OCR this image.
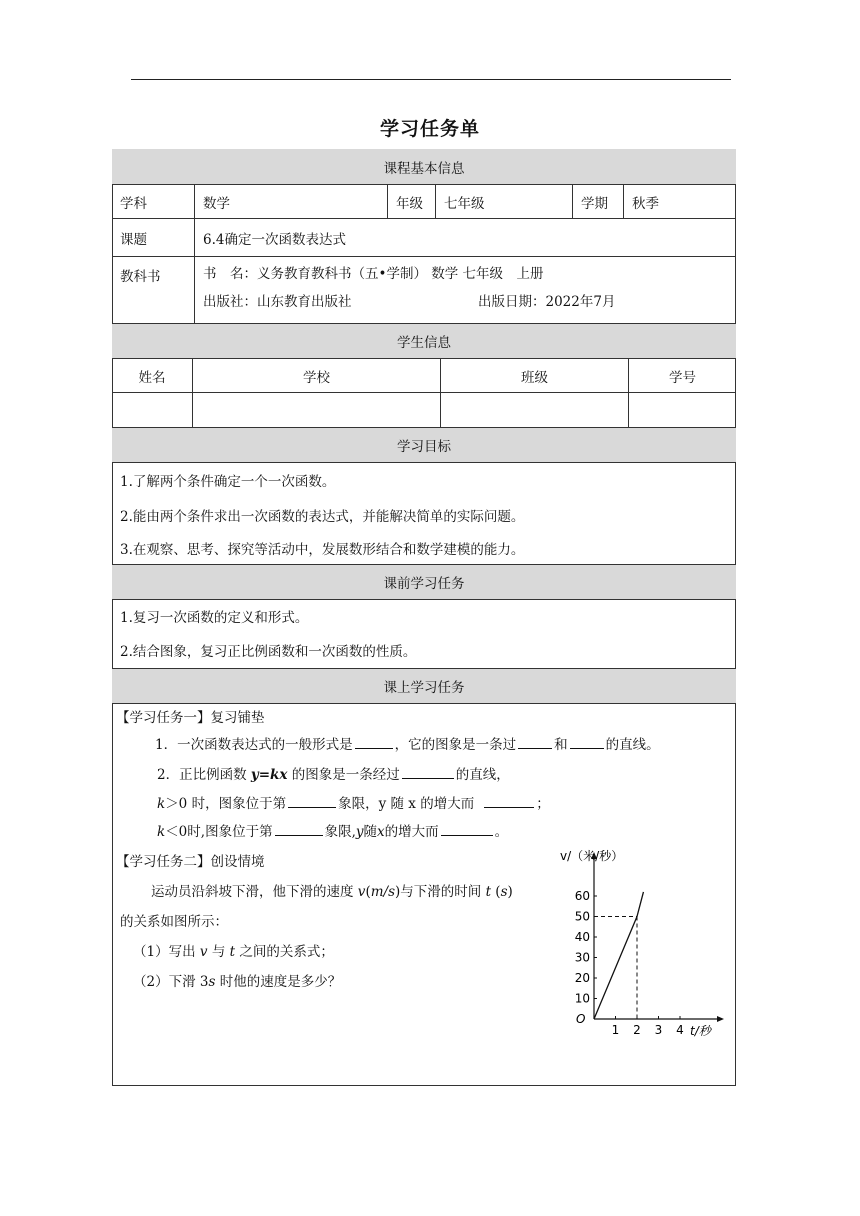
学习任务单
课程基本信息
学科	数学	年级	七年级	学期	秋季
课题	6.4确定一次函数表达式
教科书	书　名：义务教育教科书（五•学制） 数学 七年级　上册
出版社：山东教育出版社	出版日期：2022年7月
学生信息
姓名	学校	班级	学号
学习目标
1.了解两个条件确定一个一次函数。
2.能由两个条件求出一次函数的表达式，并能解决简单的实际问题。
3.在观察、思考、探究等活动中，发展数形结合和数学建模的能力。
课前学习任务
1.复习一次函数的定义和形式。
2.结合图象，复习正比例函数和一次函数的性质。
课上学习任务
【学习任务一】复习铺垫
1．一次函数表达式的一般形式是	，它的图象是一条过	和	的直线。
2．正比例函数 y=kx 的图象是一条经过	的直线，
k＞0 时，图象位于第	象限，y 随 x 的增大而	；
k＜0时,图象位于第	象限,y随x的增大而	。
【学习任务二】创设情境
运动员沿斜坡下滑，他下滑的速度 v(m/s)与下滑的时间 t (s)
的关系如图所示：
（1）写出 v 与 t 之间的关系式；
（2）下滑 3s 时他的速度是多少？
v/（米/秒）
t/秒
O
1 2 3 4
10
20
30
40
50
60
